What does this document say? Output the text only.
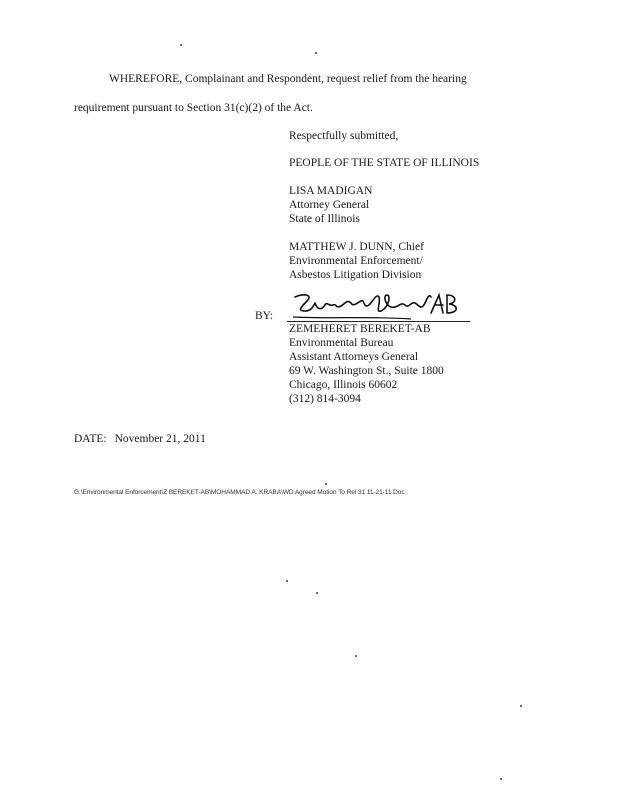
WHEREFORE, Complainant and Respondent, request relief from the hearing
requirement pursuant to Section 31(c)(2) of the Act.
Respectfully submitted,
PEOPLE OF THE STATE OF ILLINOIS
LISA MADIGAN
Attorney General
State of Illinois
MATTHEW J. DUNN, Chief
Environmental Enforcement/
Asbestos Litigation Division
BY:
ZEMEHERET BEREKET-AB
Environmental Bureau
Assistant Attorneys General
69 W. Washington St., Suite 1800
Chicago, Illinois 60602
(312) 814-3094
DATE: November 21, 2011
G:\Environmental Enforcement\Z BEREKET-AB\MOHAMMAD A. KRABA\WD Agreed Motion To Rel 31 11-21-11.Doc
